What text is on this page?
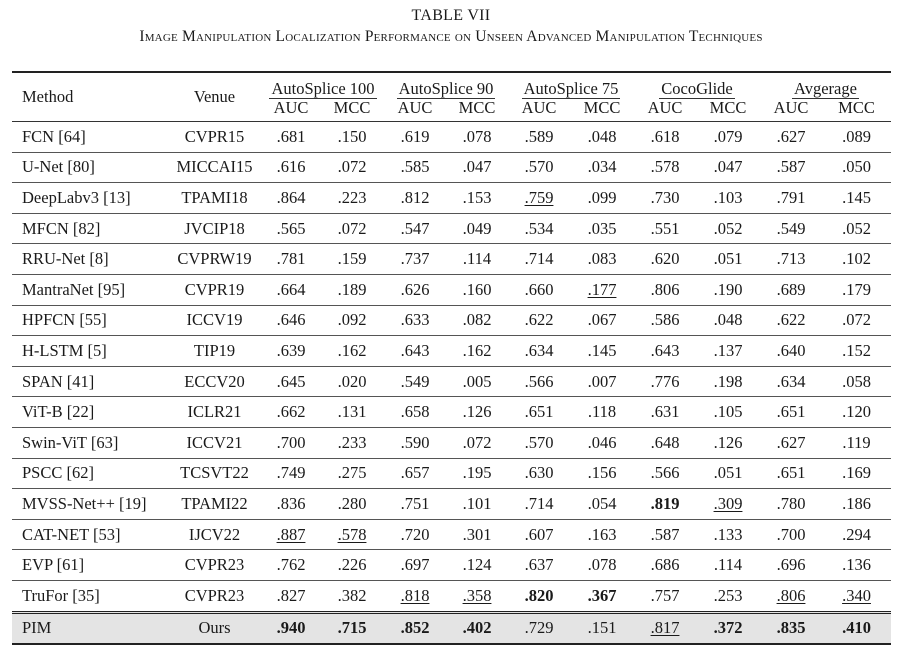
TABLE VII
Image Manipulation Localization Performance on Unseen Advanced Manipulation Techniques
Method	Venue	AutoSplice 100		AutoSplice 90		AutoSplice 75		CocoGlide		Avgerage	
		AUC	MCC	AUC	MCC	AUC	MCC	AUC	MCC	AUC	MCC
FCN [64]	CVPR15	.681	.150	.619	.078	.589	.048	.618	.079	.627	.089
U-Net [80]	MICCAI15	.616	.072	.585	.047	.570	.034	.578	.047	.587	.050
DeepLabv3 [13]	TPAMI18	.864	.223	.812	.153	.759	.099	.730	.103	.791	.145
MFCN [82]	JVCIP18	.565	.072	.547	.049	.534	.035	.551	.052	.549	.052
RRU-Net [8]	CVPRW19	.781	.159	.737	.114	.714	.083	.620	.051	.713	.102
MantraNet [95]	CVPR19	.664	.189	.626	.160	.660	.177	.806	.190	.689	.179
HPFCN [55]	ICCV19	.646	.092	.633	.082	.622	.067	.586	.048	.622	.072
H-LSTM [5]	TIP19	.639	.162	.643	.162	.634	.145	.643	.137	.640	.152
SPAN [41]	ECCV20	.645	.020	.549	.005	.566	.007	.776	.198	.634	.058
ViT-B [22]	ICLR21	.662	.131	.658	.126	.651	.118	.631	.105	.651	.120
Swin-ViT [63]	ICCV21	.700	.233	.590	.072	.570	.046	.648	.126	.627	.119
PSCC [62]	TCSVT22	.749	.275	.657	.195	.630	.156	.566	.051	.651	.169
MVSS-Net++ [19]	TPAMI22	.836	.280	.751	.101	.714	.054	.819	.309	.780	.186
CAT-NET [53]	IJCV22	.887	.578	.720	.301	.607	.163	.587	.133	.700	.294
EVP [61]	CVPR23	.762	.226	.697	.124	.637	.078	.686	.114	.696	.136
TruFor [35]	CVPR23	.827	.382	.818	.358	.820	.367	.757	.253	.806	.340
PIM	Ours	.940	.715	.852	.402	.729	.151	.817	.372	.835	.410
